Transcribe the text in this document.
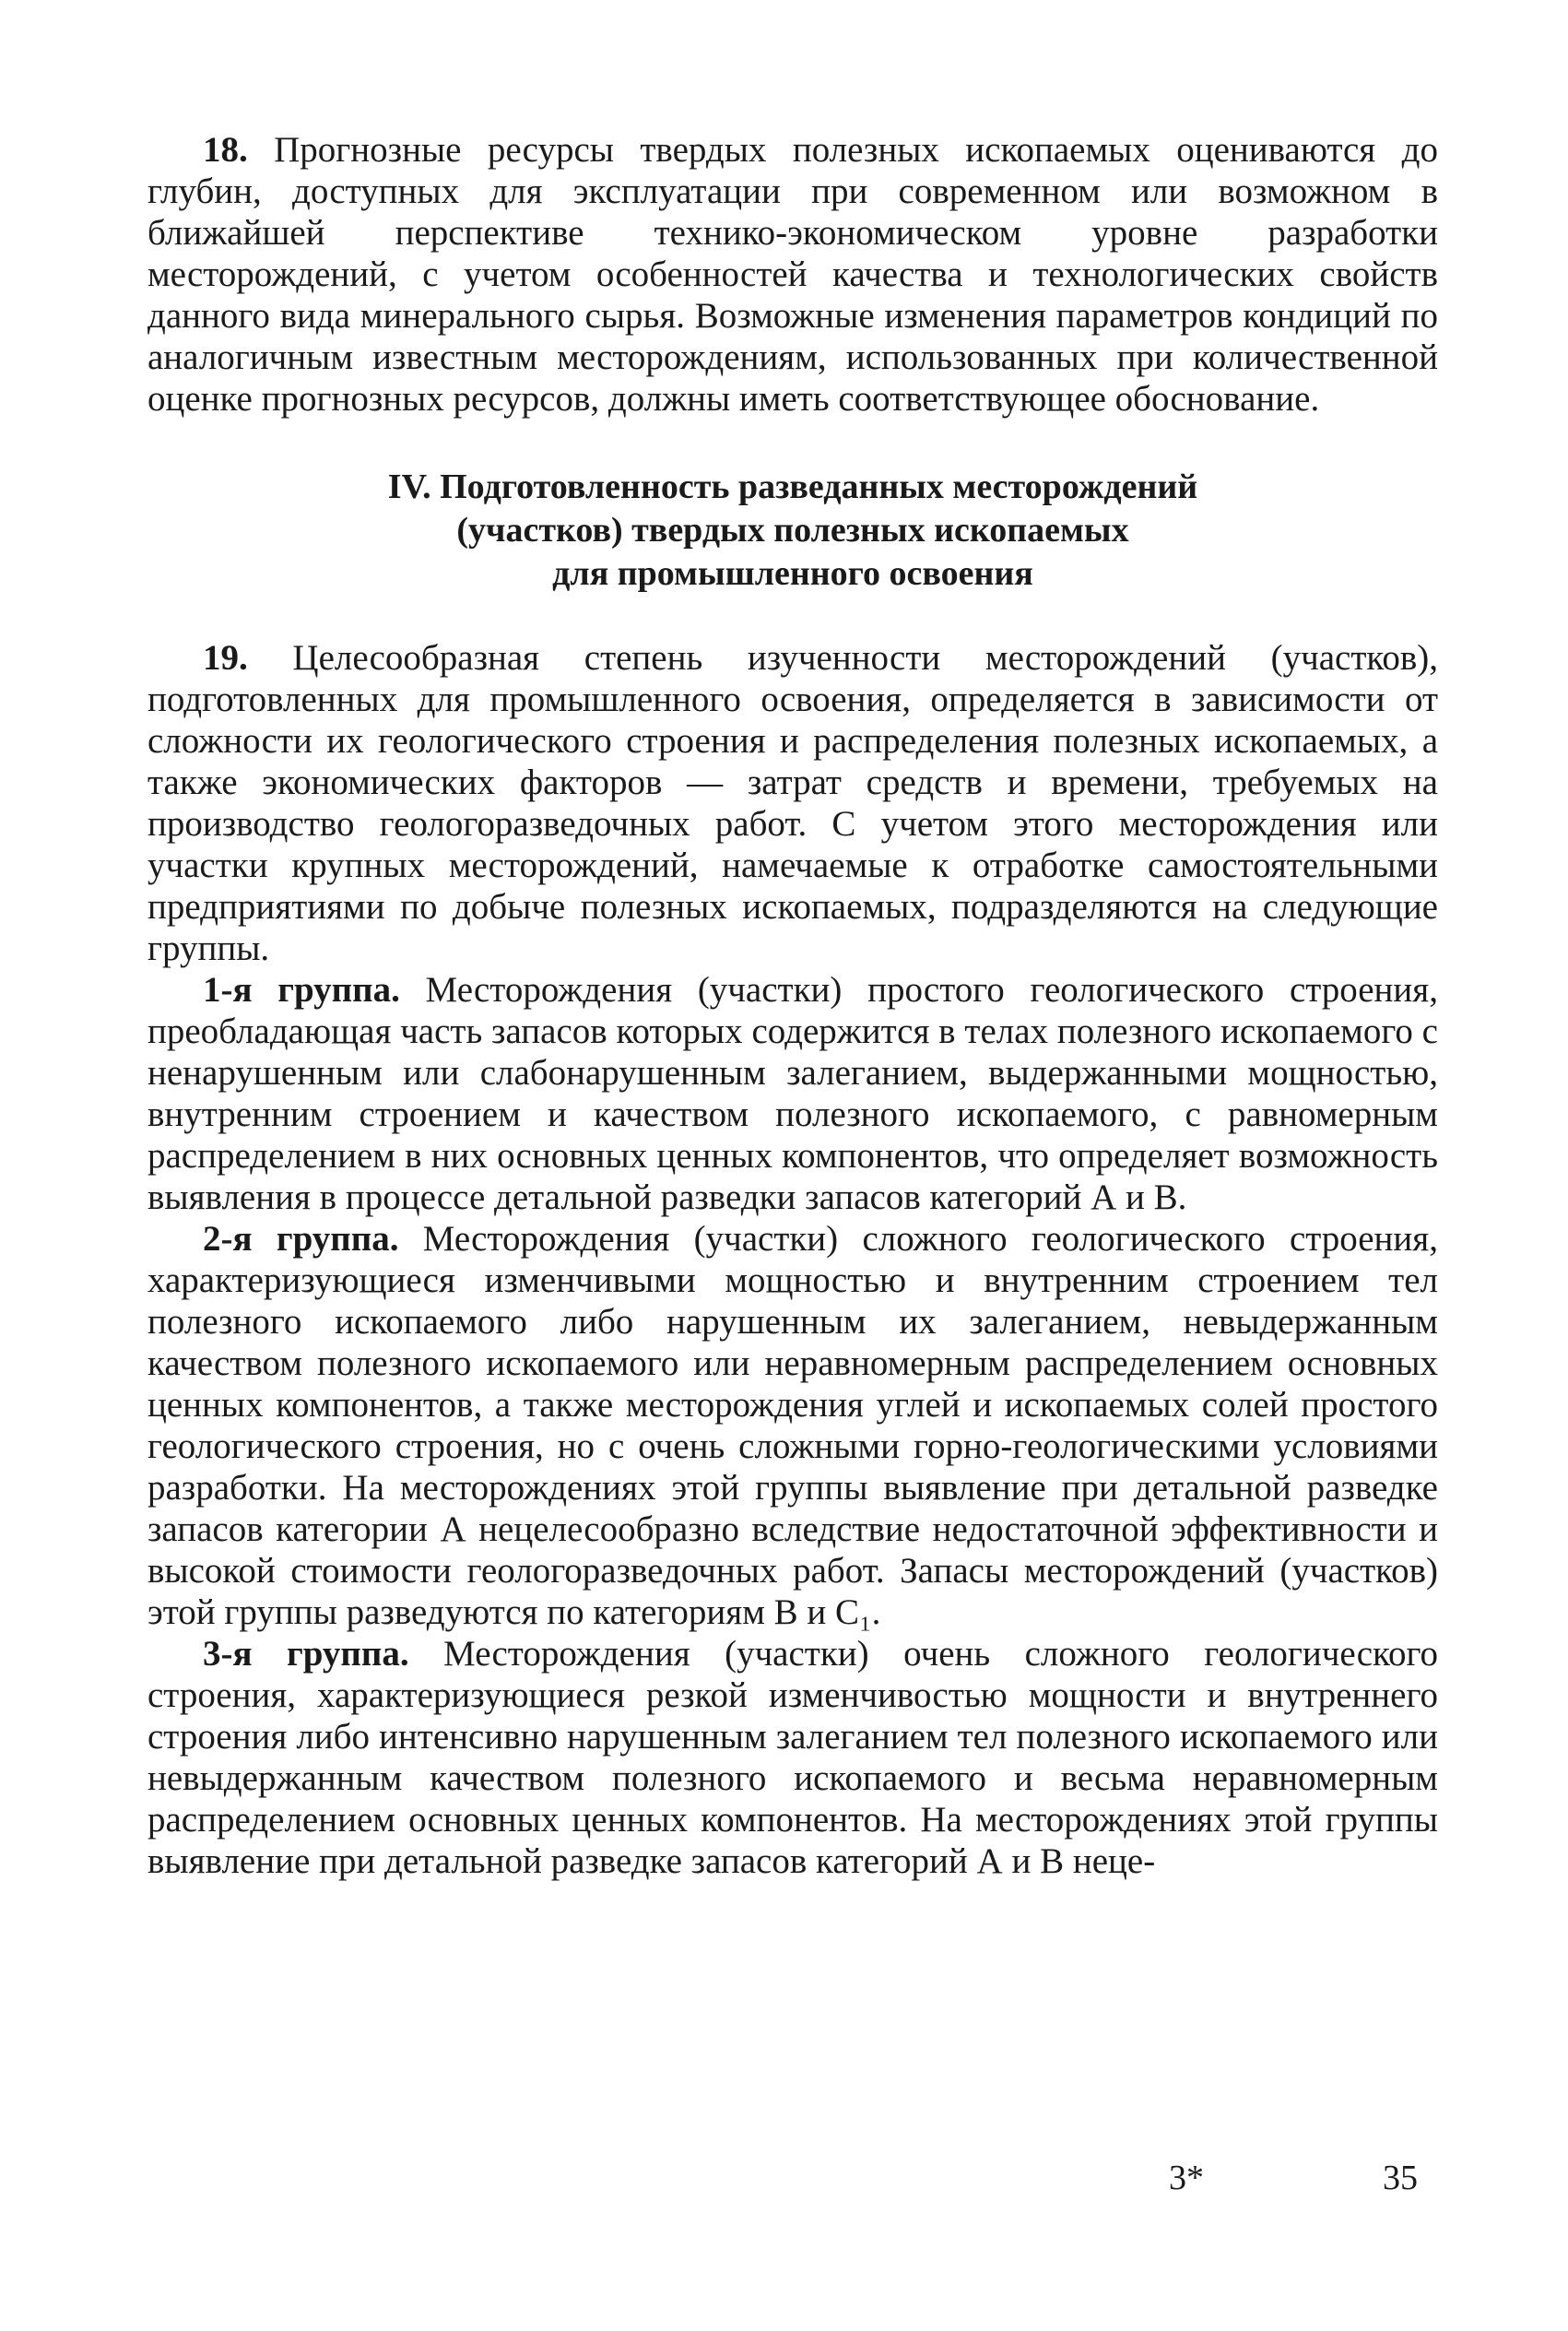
18. Прогнозные ресурсы твердых полезных ископаемых оцениваются до глубин, доступных для эксплуатации при современном или возможном в ближайшей перспективе технико-экономическом уровне разработки месторождений, с учетом особенностей качества и технологических свойств данного вида минерального сырья. Возможные изменения параметров кондиций по аналогичным известным месторождениям, использованных при количественной оценке прогнозных ресурсов, должны иметь соответствующее обоснование.

IV. Подготовленность разведанных месторождений
(участков) твердых полезных ископаемых
для промышленного освоения

19. Целесообразная степень изученности месторождений (участков), подготовленных для промышленного освоения, определяется в зависимости от сложности их геологического строения и распределения полезных ископаемых, а также экономических факторов — затрат средств и времени, требуемых на производство геологоразведочных работ. С учетом этого месторождения или участки крупных месторождений, намечаемые к отработке самостоятельными предприятиями по добыче полезных ископаемых, подразделяются на следующие группы.

1-я группа. Месторождения (участки) простого геологического строения, преобладающая часть запасов которых содержится в телах полезного ископаемого с ненарушенным или слабонарушенным залеганием, выдержанными мощностью, внутренним строением и качеством полезного ископаемого, с равномерным распределением в них основных ценных компонентов, что определяет возможность выявления в процессе детальной разведки запасов категорий А и В.

2-я группа. Месторождения (участки) сложного геологического строения, характеризующиеся изменчивыми мощностью и внутренним строением тел полезного ископаемого либо нарушенным их залеганием, невыдержанным качеством полезного ископаемого или неравномерным распределением основных ценных компонентов, а также месторождения углей и ископаемых солей простого геологического строения, но с очень сложными горно-геологическими условиями разработки. На месторождениях этой группы выявление при детальной разведке запасов категории А нецелесообразно вследствие недостаточной эффективности и высокой стоимости геологоразведочных работ. Запасы месторождений (участков) этой группы разведуются по категориям В и C₁.

3-я группа. Месторождения (участки) очень сложного геологического строения, характеризующиеся резкой изменчивостью мощности и внутреннего строения либо интенсивно нарушенным залеганием тел полезного ископаемого или невыдержанным качеством полезного ископаемого и весьма неравномерным распределением основных ценных компонентов. На месторождениях этой группы выявление при детальной разведке запасов категорий А и В неце-

3*	35
